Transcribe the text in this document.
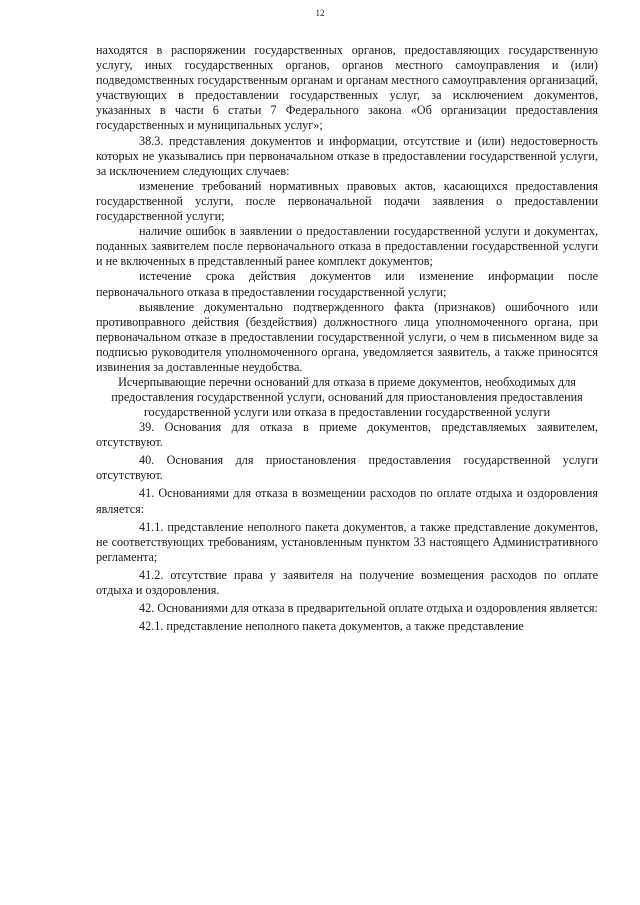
12

находятся в распоряжении государственных органов, предоставляющих государственную услугу, иных государственных органов, органов местного самоуправления и (или) подведомственных государственным органам и органам местного самоуправления организаций, участвующих в предоставлении государственных услуг, за исключением документов, указанных в части 6 статьи 7 Федерального закона «Об организации предоставления государственных и муниципальных услуг»;

38.3. представления документов и информации, отсутствие и (или) недостоверность которых не указывались при первоначальном отказе в предоставлении государственной услуги, за исключением следующих случаев:

изменение требований нормативных правовых актов, касающихся предоставления государственной услуги, после первоначальной подачи заявления о предоставлении государственной услуги;

наличие ошибок в заявлении о предоставлении государственной услуги и документах, поданных заявителем после первоначального отказа в предоставлении государственной услуги и не включенных в представленный ранее комплект документов;

истечение срока действия документов или изменение информации после первоначального отказа в предоставлении государственной услуги;

выявление документально подтвержденного факта (признаков) ошибочного или противоправного действия (бездействия) должностного лица уполномоченного органа, при первоначальном отказе в предоставлении государственной услуги, о чем в письменном виде за подписью руководителя уполномоченного органа, уведомляется заявитель, а также приносятся извинения за доставленные неудобства.

Исчерпывающие перечни оснований для отказа в приеме документов, необходимых для предоставления государственной услуги, оснований для приостановления предоставления государственной услуги или отказа в предоставлении государственной услуги

39. Основания для отказа в приеме документов, представляемых заявителем, отсутствуют.

40. Основания для приостановления предоставления государственной услуги отсутствуют.

41. Основаниями для отказа в возмещении расходов по оплате отдыха и оздоровления является:

41.1. представление неполного пакета документов, а также представление документов, не соответствующих требованиям, установленным пунктом 33 настоящего Административного регламента;

41.2. отсутствие права у заявителя на получение возмещения расходов по оплате отдыха и оздоровления.

42. Основаниями для отказа в предварительной оплате отдыха и оздоровления является:

42.1. представление неполного пакета документов, а также представление
